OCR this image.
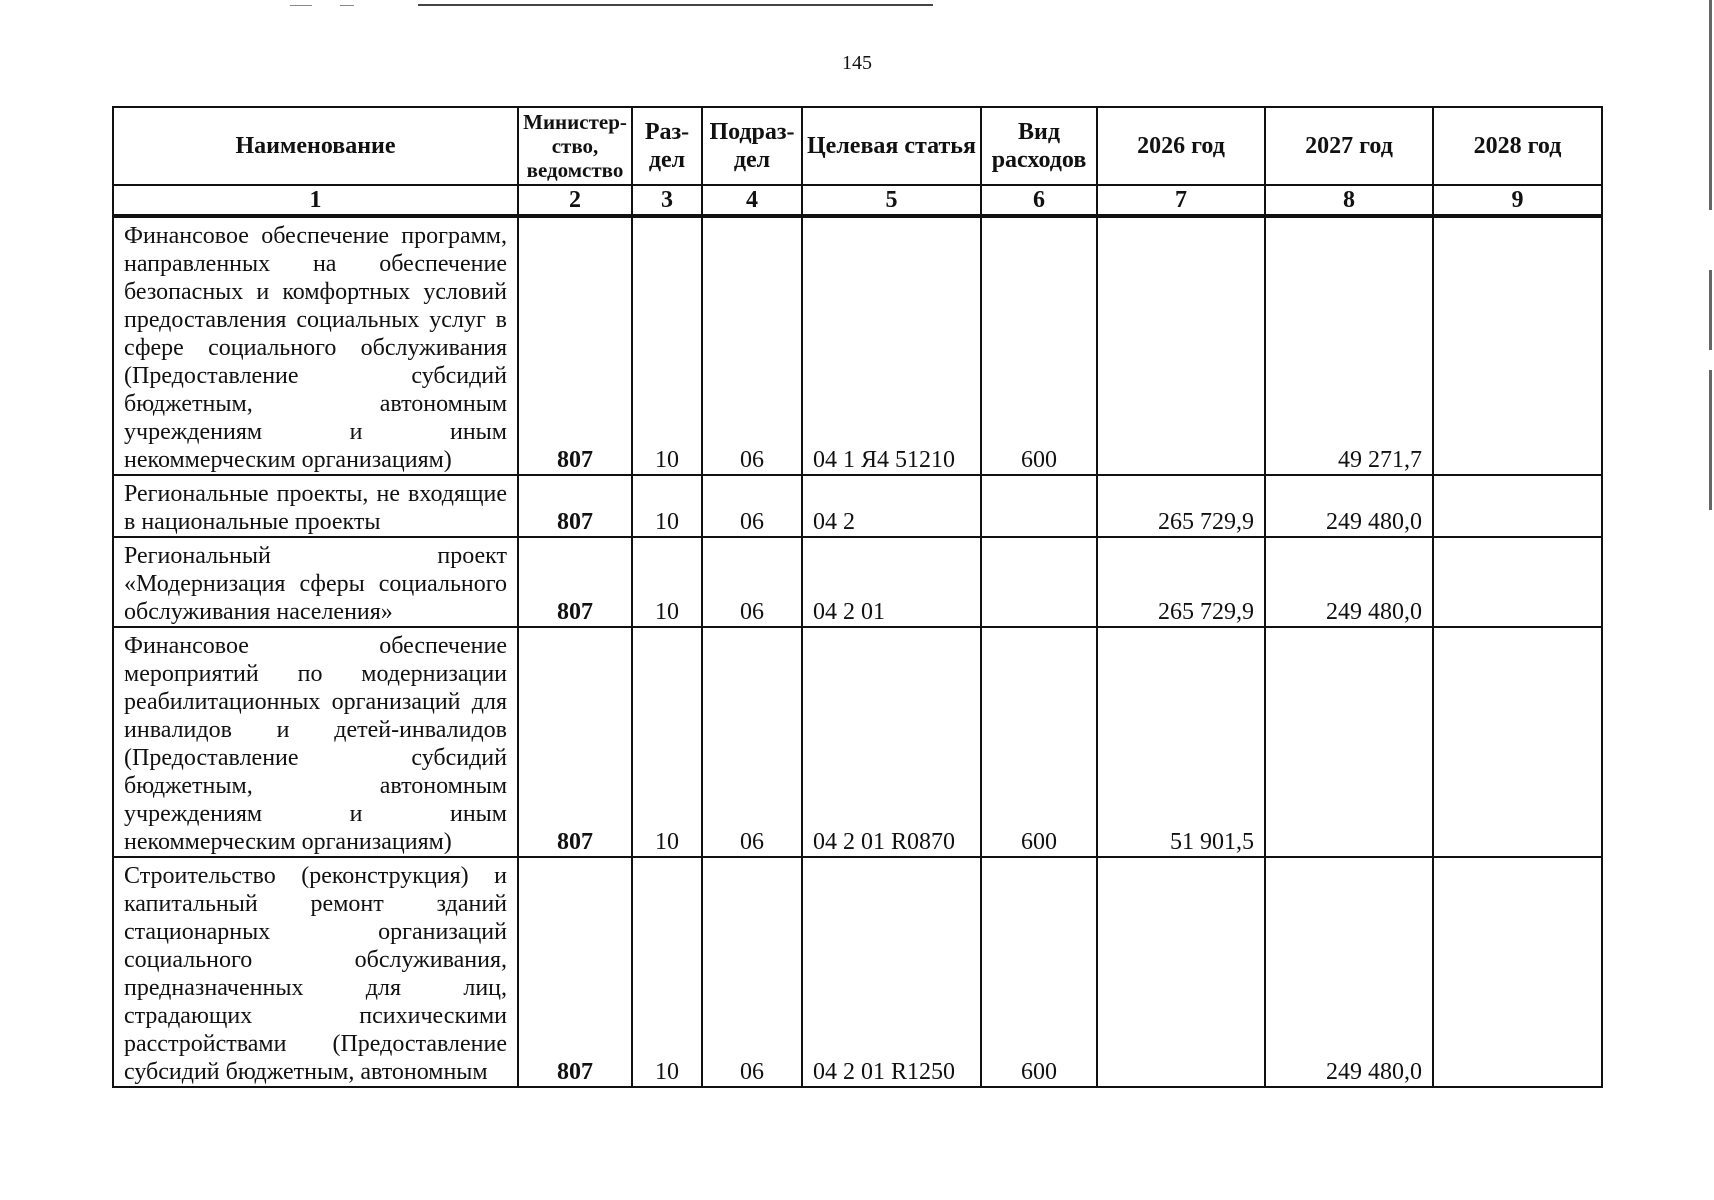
145
Наименование	Министер-ство, ведомство	Раз-дел	Подраз-дел	Целевая статья	Вид расходов	2026 год	2027 год	2028 год
1	2	3	4	5	6	7	8	9
Финансовое обеспечение программ, направленных на обеспечение безопасных и комфортных условий предоставления социальных услуг в сфере социального обслуживания (Предоставление субсидий бюджетным, автономным учреждениям и иным некоммерческим организациям)	807	10	06	04 1 Я4 51210	600		49 271,7	
Региональные проекты, не входящие в национальные проекты	807	10	06	04 2		265 729,9	249 480,0	
Региональный проект «Модернизация сферы социального обслуживания населения»	807	10	06	04 2 01		265 729,9	249 480,0	
Финансовое обеспечение мероприятий по модернизации реабилитационных организаций для инвалидов и детей-инвалидов (Предоставление субсидий бюджетным, автономным учреждениям и иным некоммерческим организациям)	807	10	06	04 2 01 R0870	600	51 901,5		
Строительство (реконструкция) и капитальный ремонт зданий стационарных организаций социального обслуживания, предназначенных для лиц, страдающих психическими расстройствами (Предоставление субсидий бюджетным, автономным	807	10	06	04 2 01 R1250	600		249 480,0	
